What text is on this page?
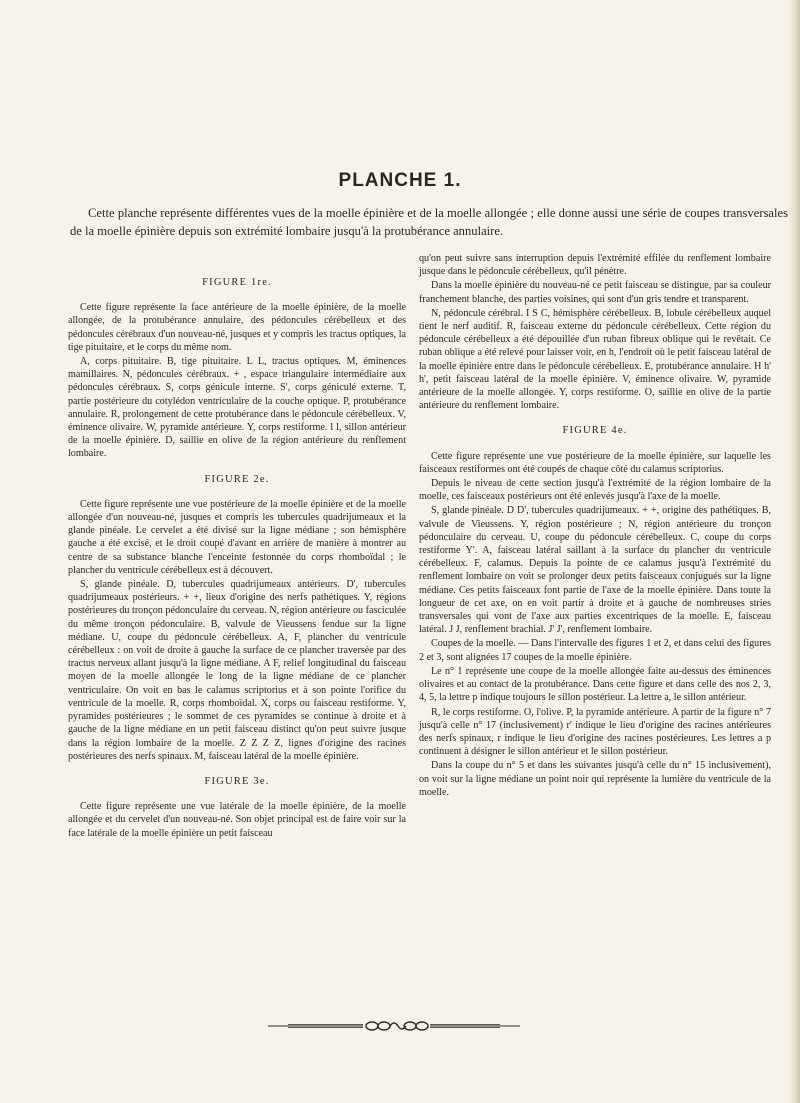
PLANCHE 1.

Cette planche représente différentes vues de la moelle épinière et de la moelle allongée ; elle donne aussi une série de coupes transversales de la moelle épinière depuis son extrémité lombaire jusqu'à la protubérance annulaire.

FIGURE 1re.

Cette figure représente la face antérieure de la moelle épinière, de la moelle allongée, de la protubérance annulaire, des pédoncules cérébelleux et des pédoncules cérébraux d'un nouveau-né, jusques et y compris les tractus optiques, la tige pituitaire, et le corps du même nom.

A, corps pituitaire. B, tige pituitaire. L L, tractus optiques. M, éminences mamillaires. N, pédoncules cérébraux. + , espace triangulaire intermédiaire aux pédoncules cérébraux. S, corps génicule interne. S', corps géniculé externe. T, partie postérieure du cotylédon ventriculaire de la couche optique. P, protubérance annulaire. R, prolongement de cette protubérance dans le pédoncule cérébelleux. V, éminence olivaire. W, pyramide antérieure. Y, corps restiforme. l l, sillon antérieur de la moelle épinière. D, saillie en olive de la région antérieure du renflement lombaire.

FIGURE 2e.

Cette figure représente une vue postérieure de la moelle épinière et de la moelle allongée d'un nouveau-né, jusques et compris les tubercules quadrijumeaux et la glande pinéale. Le cervelet a été divisé sur la ligne médiane ; son hémisphère gauche a été excisé, et le droit coupé d'avant en arrière de manière à montrer au centre de sa substance blanche l'enceinte festonnée du corps rhomboïdal ; le plancher du ventricule cérébelleux est à découvert.

S, glande pinéale. D, tubercules quadrijumeaux antérieurs. D', tubercules quadrijumeaux postérieurs. + +, lieux d'origine des nerfs pathétiques. Y, régions postérieures du tronçon pédonculaire du cerveau. N, région antérieure ou fasciculée du même tronçon pédonculaire. B, valvule de Vieussens fendue sur la ligne médiane. U, coupe du pédoncule cérébelleux. A, F, plancher du ventricule cérébelleux : on voit de droite à gauche la surface de ce plancher traversée par des tractus nerveux allant jusqu'à la ligne médiane. A F, relief longitudinal du faisceau moyen de la moelle allongée le long de la ligne médiane de ce plancher ventriculaire. On voit en bas le calamus scriptorius et à son pointe l'orifice du ventricule de la moelle. R, corps rhomboïdal. X, corps ou faisceau restiforme. Y, pyramides postérieures ; le sommet de ces pyramides se continue à droite et à gauche de la ligne médiane en un petit faisceau distinct qu'on peut suivre jusque dans la région lombaire de la moelle. Z Z Z Z, lignes d'origine des racines postérieures des nerfs spinaux. M, faisceau latéral de la moelle épinière.

FIGURE 3e.

Cette figure représente une vue latérale de la moelle épinière, de la moelle allongée et du cervelet d'un nouveau-né. Son objet principal est de faire voir sur la face latérale de la moelle épinière un petit faisceau

qu'on peut suivre sans interruption depuis l'extrémité effilée du renflement lombaire jusque dans le pédoncule cérébelleux, qu'il pénètre.

Dans la moelle épinière du nouveau-né ce petit faisceau se distingue, par sa couleur franchement blanche, des parties voisines, qui sont d'un gris tendre et transparent.

N, pédoncule cérébral. I S C, hémisphère cérébelleux. B, lobule cérébelleux auquel tient le nerf auditif. R, faisceau externe du pédoncule cérébelleux. Cette région du pédoncule cérébelleux a été dépouillée d'un ruban fibreux oblique qui le revêtait. Ce ruban oblique a été relevé pour laisser voir, en h, l'endroit où le petit faisceau latéral de la moelle épinière entre dans le pédoncule cérébelleux. E, protubérance annulaire. H h' h', petit faisceau latéral de la moelle épinière. V, éminence olivaire. W, pyramide antérieure de la moelle allongée. Y, corps restiforme. O, saillie en olive de la partie antérieure du renflement lombaire.

FIGURE 4e.

Cette figure représente une vue postérieure de la moelle épinière, sur laquelle les faisceaux restiformes ont été coupés de chaque côté du calamus scriptorius.

Depuis le niveau de cette section jusqu'à l'extrémité de la région lombaire de la moelle, ces faisceaux postérieurs ont été enlevés jusqu'à l'axe de la moelle.

S, glande pinéale. D D', tubercules quadrijumeaux. + +, origine des pathétiques. B, valvule de Vieussens. Y, région postérieure ; N, région antérieure du tronçon pédonculaire du cerveau. U, coupe du pédoncule cérébelleux. C, coupe du corps restiforme Y'. A, faisceau latéral saillant à la surface du plancher du ventricule cérébelleux. F, calamus. Depuis la pointe de ce calamus jusqu'à l'extrémité du renflement lombaire on voit se prolonger deux petits faisceaux conjugués sur la ligne médiane. Ces petits faisceaux font partie de l'axe de la moelle épinière. Dans toute la longueur de cet axe, on en voit partir à droite et à gauche de nombreuses stries transversales qui vont de l'axe aux parties excentriques de la moelle. E, faisceau latéral. J J, renflement brachial. J' J', renflement lombaire.

Coupes de la moelle. — Dans l'intervalle des figures 1 et 2, et dans celui des figures 2 et 3, sont alignées 17 coupes de la moelle épinière.

Le n° 1 représente une coupe de la moelle allongée faite au-dessus des éminences olivaires et au contact de la protubérance. Dans cette figure et dans celle des nos 2, 3, 4, 5, la lettre p indique toujours le sillon postérieur. La lettre a, le sillon antérieur.

R, le corps restiforme. O, l'olive. P, la pyramide antérieure. A partir de la figure n° 7 jusqu'à celle n° 17 (inclusivement) r' indique le lieu d'origine des racines antérieures des nerfs spinaux, r indique le lieu d'origine des racines postérieures. Les lettres a p continuent à désigner le sillon antérieur et le sillon postérieur.

Dans la coupe du n° 5 et dans les suivantes jusqu'à celle du n° 15 inclusivement), on voit sur la ligne médiane un point noir qui représente la lumière du ventricule de la moelle.
